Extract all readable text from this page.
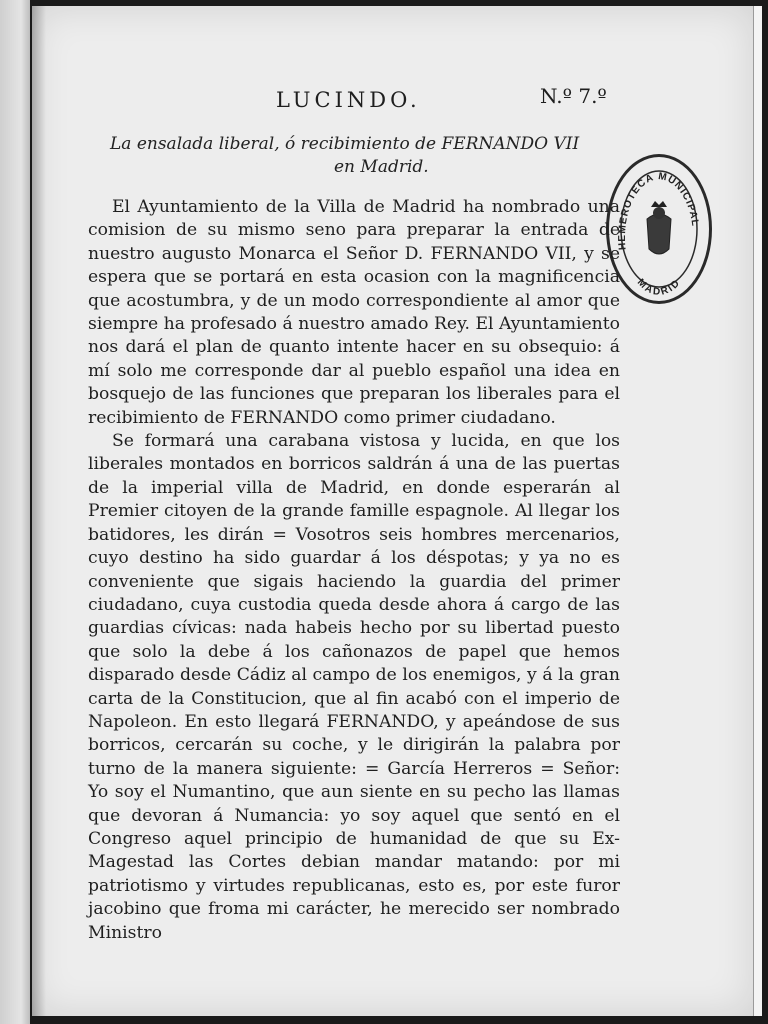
LUCINDO.	N.º 7.º
La ensalada liberal, ó recibimiento de FERNANDO VII
en Madrid.
HEMEROTECA MUNICIPAL
MADRID

El Ayuntamiento de la Villa de Madrid ha nombrado una comision de su mismo seno para preparar la entrada de nuestro augusto Monarca el Señor D. FERNANDO VII, y se espera que se portará en esta ocasion con la magnificencia que acostumbra, y de un modo correspondiente al amor que siempre ha profesado á nuestro amado Rey. El Ayuntamiento nos dará el plan de quanto intente hacer en su obsequio: á mí solo me corresponde dar al pueblo español una idea en bosquejo de las funciones que preparan los liberales para el recibimiento de FERNANDO como primer ciudadano.

Se formará una carabana vistosa y lucida, en que los liberales montados en borricos saldrán á una de las puertas de la imperial villa de Madrid, en donde esperarán al Premier citoyen de la grande famille espagnole. Al llegar los batidores, les dirán = Vosotros seis hombres mercenarios, cuyo destino ha sido guardar á los déspotas; y ya no es conveniente que sigais haciendo la guardia del primer ciudadano, cuya custodia queda desde ahora á cargo de las guardias cívicas: nada habeis hecho por su libertad puesto que solo la debe á los cañonazos de papel que hemos disparado desde Cádiz al campo de los enemigos, y á la gran carta de la Constitucion, que al fin acabó con el imperio de Napoleon. En esto llegará FERNANDO, y apeándose de sus borricos, cercarán su coche, y le dirigirán la palabra por turno de la manera siguiente: = García Herreros = Señor: Yo soy el Numantino, que aun siente en su pecho las llamas que devoran á Numancia: yo soy aquel que sentó en el Congreso aquel principio de humanidad de que su Ex-Magestad las Cortes debian mandar matando: por mi patriotismo y virtudes republicanas, esto es, por este furor jacobino que froma mi carácter, he merecido ser nombrado Ministro
